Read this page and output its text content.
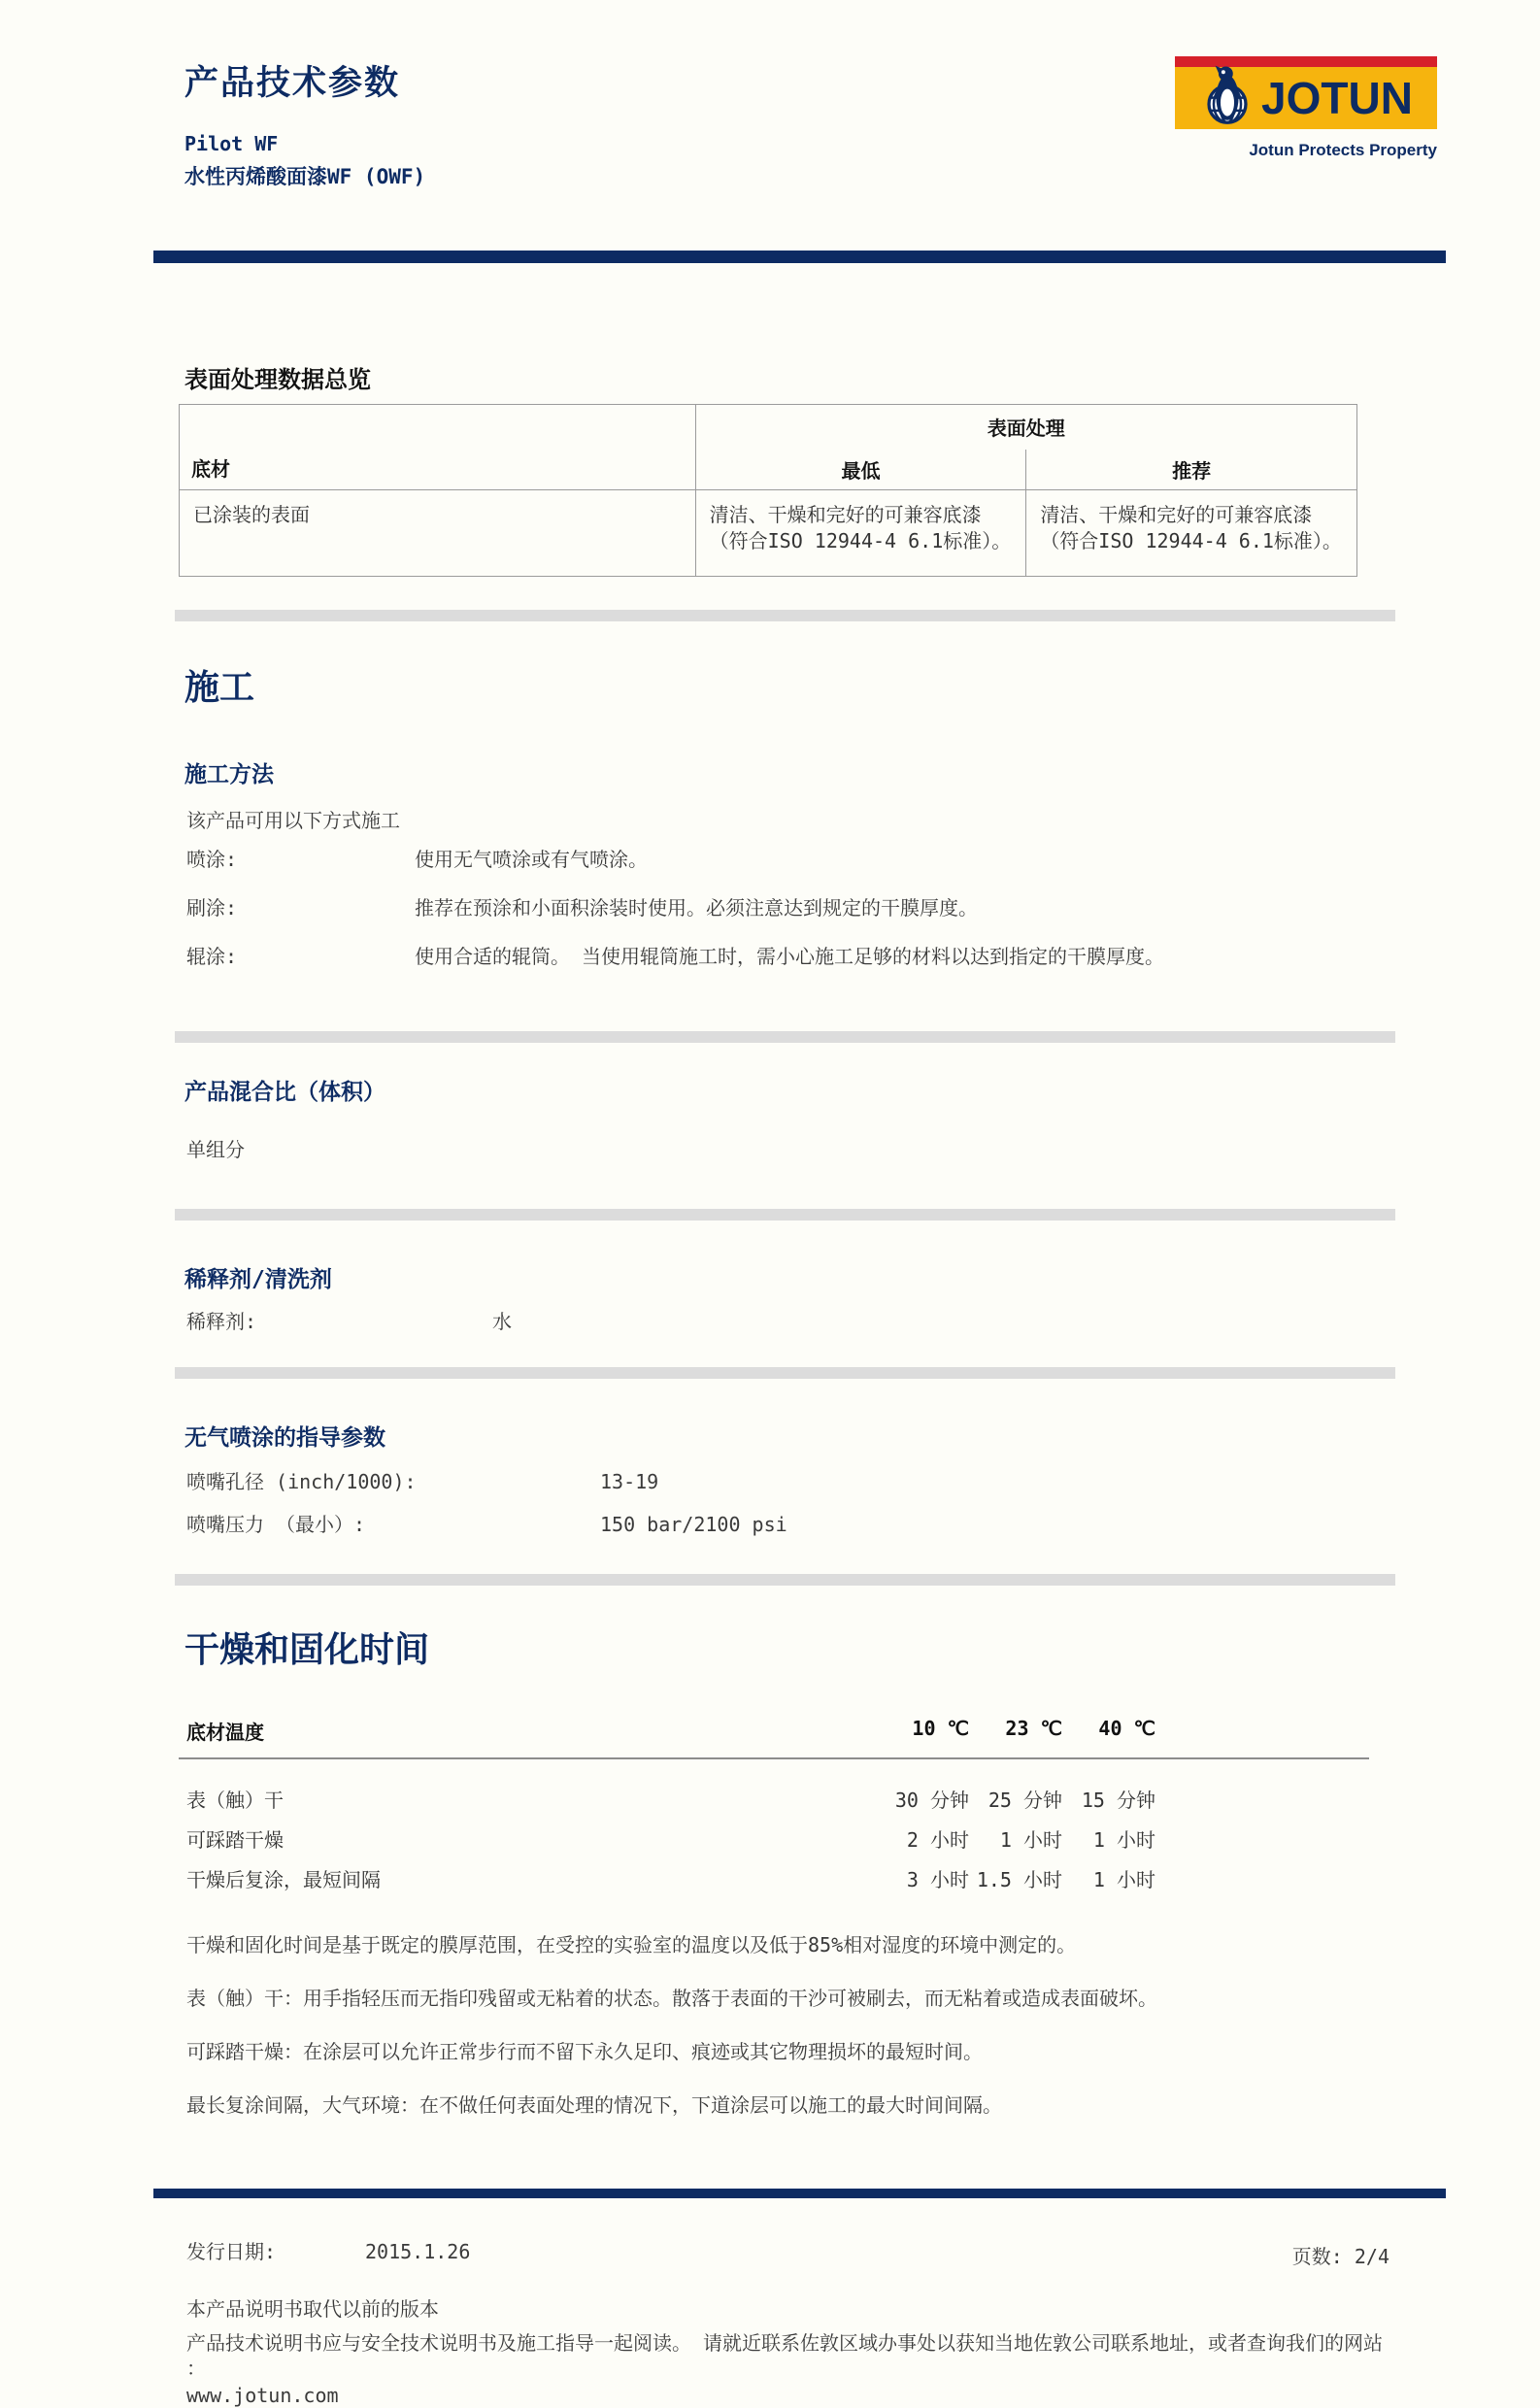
产品技术参数
Pilot WF
水性丙烯酸面漆WF (OWF)
JOTUN
Jotun Protects Property
表面处理数据总览
底材	表面处理	
	最低	推荐
已涂装的表面	清洁、干燥和完好的可兼容底漆（符合ISO 12944-4 6.1标准）。	清洁、干燥和完好的可兼容底漆（符合ISO 12944-4 6.1标准）。
施工
施工方法
该产品可用以下方式施工
喷涂:	使用无气喷涂或有气喷涂。
刷涂:	推荐在预涂和小面积涂装时使用。必须注意达到规定的干膜厚度。
辊涂:	使用合适的辊筒。 当使用辊筒施工时，需小心施工足够的材料以达到指定的干膜厚度。
产品混合比（体积）
单组分
稀释剂/清洗剂
稀释剂:	水
无气喷涂的指导参数
喷嘴孔径 (inch/1000):	13-19
喷嘴压力 （最小）:	150 bar/2100 psi
干燥和固化时间
底材温度	10 ℃	23 ℃	40 ℃
表（触）干	30 分钟 25 分钟 15 分钟
可踩踏干燥	2 小时	1 小时	1 小时
干燥后复涂，最短间隔	3 小时 1.5 小时	1 小时
干燥和固化时间是基于既定的膜厚范围，在受控的实验室的温度以及低于85%相对湿度的环境中测定的。
表（触）干：用手指轻压而无指印残留或无粘着的状态。散落于表面的干沙可被刷去，而无粘着或造成表面破坏。
可踩踏干燥：在涂层可以允许正常步行而不留下永久足印、痕迹或其它物理损坏的最短时间。
最长复涂间隔，大气环境：在不做任何表面处理的情况下，下道涂层可以施工的最大时间间隔。
发行日期:	2015.1.26	页数: 2/4
本产品说明书取代以前的版本
产品技术说明书应与安全技术说明书及施工指导一起阅读。 请就近联系佐敦区域办事处以获知当地佐敦公司联系地址，或者查询我们的网站 ：
www.jotun.com
